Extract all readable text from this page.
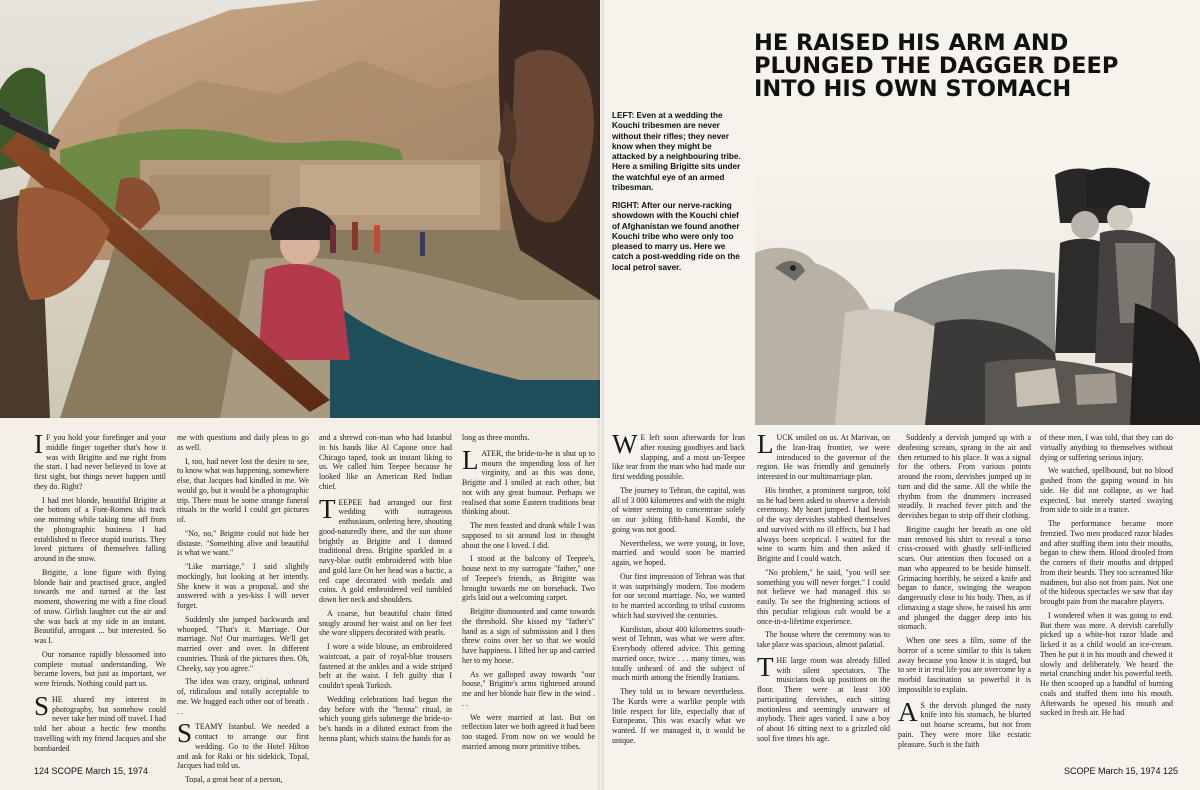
IF you hold your forefinger and your middle finger together that's how it was with Brigitte and me right from the start. I had never believed in love at first sight, but things never happen until they do. Right?

I had met blonde, beautiful Brigitte at the bottom of a Font-Romeu ski track one morning while taking time off from the photographic business I had established to fleece stupid tourists. They loved pictures of themselves falling around in the snow.

Brigitte, a lone figure with flying blonde hair and practised grace, angled towards me and turned at the last moment, showering me with a fine cloud of snow. Girlish laughter cut the air and she was back at my side in an instant. Beautiful, arrogant ... but interested. So was I.

Our romance rapidly blossomed into complete mutual understanding. We became lovers, but just as important, we were friends. Nothing could part us.

SHE shared my interest in photography, but somehow could never take her mind off travel. I had told her about a hectic few months travelling with my friend Jacques and she bombarded

me with questions and daily pleas to go as well.

I, too, had never lost the desire to see, to know what was happening, somewhere else, that Jacques had kindled in me. We would go, but it would be a photographic trip. There must be some strange funeral rituals in the world I could get pictures of.

"No, no," Brigitte could not hide her distaste. "Something alive and beautiful is what we want."

"Like marriage," I said slightly mockingly, but looking at her intently. She knew it was a proposal, and she answered with a yes-kiss I will never forget.

Suddenly she jumped backwards and whooped. "That's it. Marriage. Our marriage. No! Our marriages. We'll get married over and over. In different countries. Think of the pictures then. Oh, Cheeky, say you agree."

The idea was crazy, original, unheard of, ridiculous and totally acceptable to me. We hugged each other out of breath . . .

STEAMY Istanbul. We needed a contact to arrange our first wedding. Go to the Hotel Hilton and ask for Raki or his sidekick, Topal, Jacques had told us.

Topal, a great bear of a person,

and a shrewd con-man who had Istanbul in his hands like Al Capone once had Chicago taped, took an instant liking to us. We called him Teepee because he looked like an American Red Indian chief.

TEEPEE had arranged our first wedding with outrageous enthusiasm, ordering here, shouting good-naturedly there, and the sun shone brightly as Brigitte and I donned traditional dress. Brigitte sparkled in a navy-blue outfit embroidered with blue and gold lace On her head was a bactic, a red cape decorated with medals and coins. A gold embroidered veil tumbled down her neck and shoulders.

A coarse, but beautiful chain fitted snugly around her waist and on her feet she wore slippers decorated with pearls.

I wore a wide blouse, an embroidered waistcoat, a pair of royal-blue trousers fastened at the ankles and a wide striped belt at the waist. I felt guilty that I couldn't speak Turkish.

Wedding celebrations had begun the day before with the "henna" ritual, in which young girls submerge the bride-to-be's hands in a diluted extract from the henna plant, which stains the hands for as

long as three months.

LATER, the bride-to-be is shut up to mourn the impending loss of her virginity, and as this was done, Brigitte and I smiled at each other, but not with any great humour. Perhaps we realised that some Eastern traditions bear thinking about.

The men feasted and drank while I was supposed to sit around lost in thought about the one I loved. I did.

I stood at the balcony of Teepee's, house next to my surrogate "father," one of Teepee's friends, as Brigitte was brought towards me on horseback. Two girls laid out a welcoming carpet.

Brigitte dismounted and came towards the threshold. She kissed my "father's" hand as a sign of submission and I then threw coins over her so that we would have happiness. I lifted her up and carried her to my horse.

As we galloped away towards "our house," Brigitte's arms tightened around me and her blonde hair flew in the wind . . .

We were married at last. But on reflection later we both agreed it had been too staged. From now on we would be married among more primitive tribes.

124 SCOPE March 15, 1974

HE RAISED HIS ARM AND PLUNGED THE DAGGER DEEP INTO HIS OWN STOMACH

LEFT: Even at a wedding the Kouchi tribesmen are never without their rifles; they never know when they might be attacked by a neighbouring tribe. Here a smiling Brigitte sits under the watchful eye of an armed tribesman.

RIGHT: After our nerve-racking showdown with the Kouchi chief of Afghanistan we found another Kouchi tribe who were only too pleased to marry us. Here we catch a post-wedding ride on the local petrol saver.

WE left soon afterwards for Iran after rousing goodbyes and back slapping, and a most un-Teepee like tear from the man who had made our first wedding possible.

The journey to Tehran, the capital, was all of 3 000 kilometres and with the might of winter seeming to concentrate solely on our jolting fifth-hand Kombi, the going was not good.

Nevertheless, we were young, in love, married and would soon be married again, we hoped.

Our first impression of Tehran was that it was surprisingly modern. Too modern for our second marriage. No, we wanted to be married according to tribal customs which had survived the centuries.

Kurdistan, about 400 kilometres south-west of Tehran, was what we were after. Everybody offered advice. This getting married once, twice . . . many times, was totally unheard of and the subject of much mirth among the friendly Iranians.

They told us to beware nevertheless. The Kurds were a warlike people with little respect for life, especially that of Europeans. This was exactly what we wanted. If we managed it, it would be unique.

LUCK smiled on us. At Marivan, on the Iran-Iraq frontier, we were introduced to the governor of the region. He was friendly and genuinely interested in our multimarriage plan.

His brother, a prominent surgeon, told us he had been asked to observe a dervish ceremony. My heart jumped. I had heard of the way dervishes stabbed themselves and survived with no ill effects, but I had always been sceptical. I waited for the wine to warm him and then asked if Brigitte and I could watch.

"No problem," he said, "you will see something you will never forget." I could not believe we had managed this so easily. To see the frightening actions of this peculiar religious cult would be a once-in-a-lifetime experience.

The house where the ceremony was to take place was spacious, almost palatial.

THE large room was already filled with silent spectators. The musicians took up positions on the floor. There were at least 100 participating dervishes, each sitting motionless and seemingly unaware of anybody. Their ages varied. I saw a boy of about 16 sitting next to a grizzled old soul five times his age.

Suddenly a dervish jumped up with a deafening scream, sprang in the air and then returned to his place. It was a signal for the others. From various points around the room, dervishes jumped up in turn and did the same. All the while the rhythm from the drummers increased steadily. It reached fever pitch and the dervishes began to strip off their clothing.

Brigitte caught her breath as one old man removed his shirt to reveal a torso criss-crossed with ghastly self-inflicted scars. Our attention then focused on a man who appeared to be beside himself. Grimacing horribly, he seized a knife and began to dance, swinging the weapon dangerously close to his body. Then, as if climaxing a stage show, he raised his arm and plunged the dagger deep into his stomach.

When one sees a film, some of the horror of a scene similar to this is taken away because you know it is staged, but to see it in real life you are overcome by a morbid fascination so powerful it is impossible to explain.

AS the dervish plunged the rusty knife into his stomach, he blurted out hoarse screams, but not from pain. They were more like ecstatic pleasure. Such is the faith

of these men, I was told, that they can do virtually anything to themselves without dying or suffering serious injury.

We watched, spellbound, but no blood gushed from the gaping wound in his side. He did not collapse, as we had expected, but merely started swaying from side to side in a trance.

The performance became more frenzied. Two men produced razor blades and after stuffing them into their mouths, began to chew them. Blood drooled from the corners of their mouths and dripped from their beards. They too screamed like madmen, but also not from pain. Not one of the hideous spectacles we saw that day brought pain from the macabre players.

I wondered when it was going to end. But there was more. A dervish carefully picked up a white-hot razor blade and licked it as a child would an ice-cream. Then he put it in his mouth and chewed it slowly and deliberately. We heard the metal crunching under his powerful teeth. He then scooped up a handful of burning coals and stuffed them into his mouth. Afterwards he opened his mouth and sucked in fresh air. He had

SCOPE March 15, 1974 125
